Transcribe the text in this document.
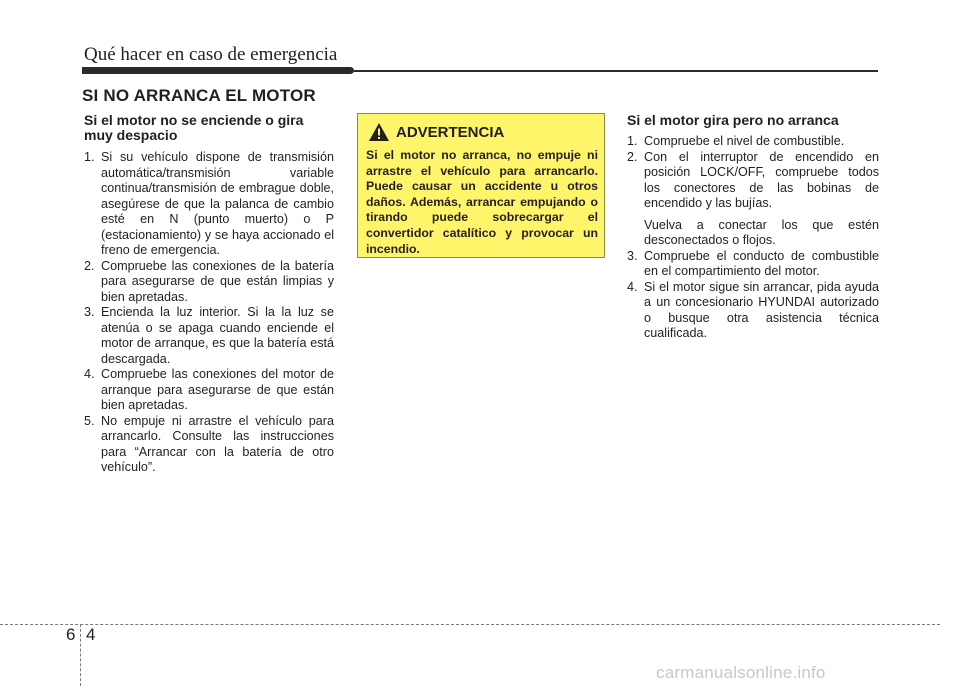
Qué hacer en caso de emergencia
SI NO ARRANCA EL MOTOR
Si el motor no se enciende o gira muy despacio
1. Si su vehículo dispone de transmisión automática/transmisión variable continua/transmisión de embrague doble, asegúrese de que la palanca de cambio esté en N (punto muerto) o P (estacionamiento) y se haya accionado el freno de emergencia.
2. Compruebe las conexiones de la batería para asegurarse de que están limpias y bien apretadas.
3. Encienda la luz interior. Si la la luz se atenúa o se apaga cuando enciende el motor de arranque, es que la batería está descargada.
4. Compruebe las conexiones del motor de arranque para asegurarse de que están bien apretadas.
5. No empuje ni arrastre el vehículo para arrancarlo. Consulte las instrucciones para “Arrancar con la batería de otro vehículo”.
ADVERTENCIA
Si el motor no arranca, no empuje ni arrastre el vehículo para arrancarlo. Puede causar un accidente u otros daños. Además, arrancar empujando o tirando puede sobrecargar el convertidor catalítico y provocar un incendio.
Si el motor gira pero no arranca
1. Compruebe el nivel de combustible.
2. Con el interruptor de encendido en posición LOCK/OFF, compruebe todos los conectores de las bobinas de encendido y las bujías.
Vuelva a conectar los que estén desconectados o flojos.
3. Compruebe el conducto de combustible en el compartimiento del motor.
4. Si el motor sigue sin arrancar, pida ayuda a un concesionario HYUNDAI autorizado o busque otra asistencia técnica cualificada.
6 4
carmanualsonline.info
